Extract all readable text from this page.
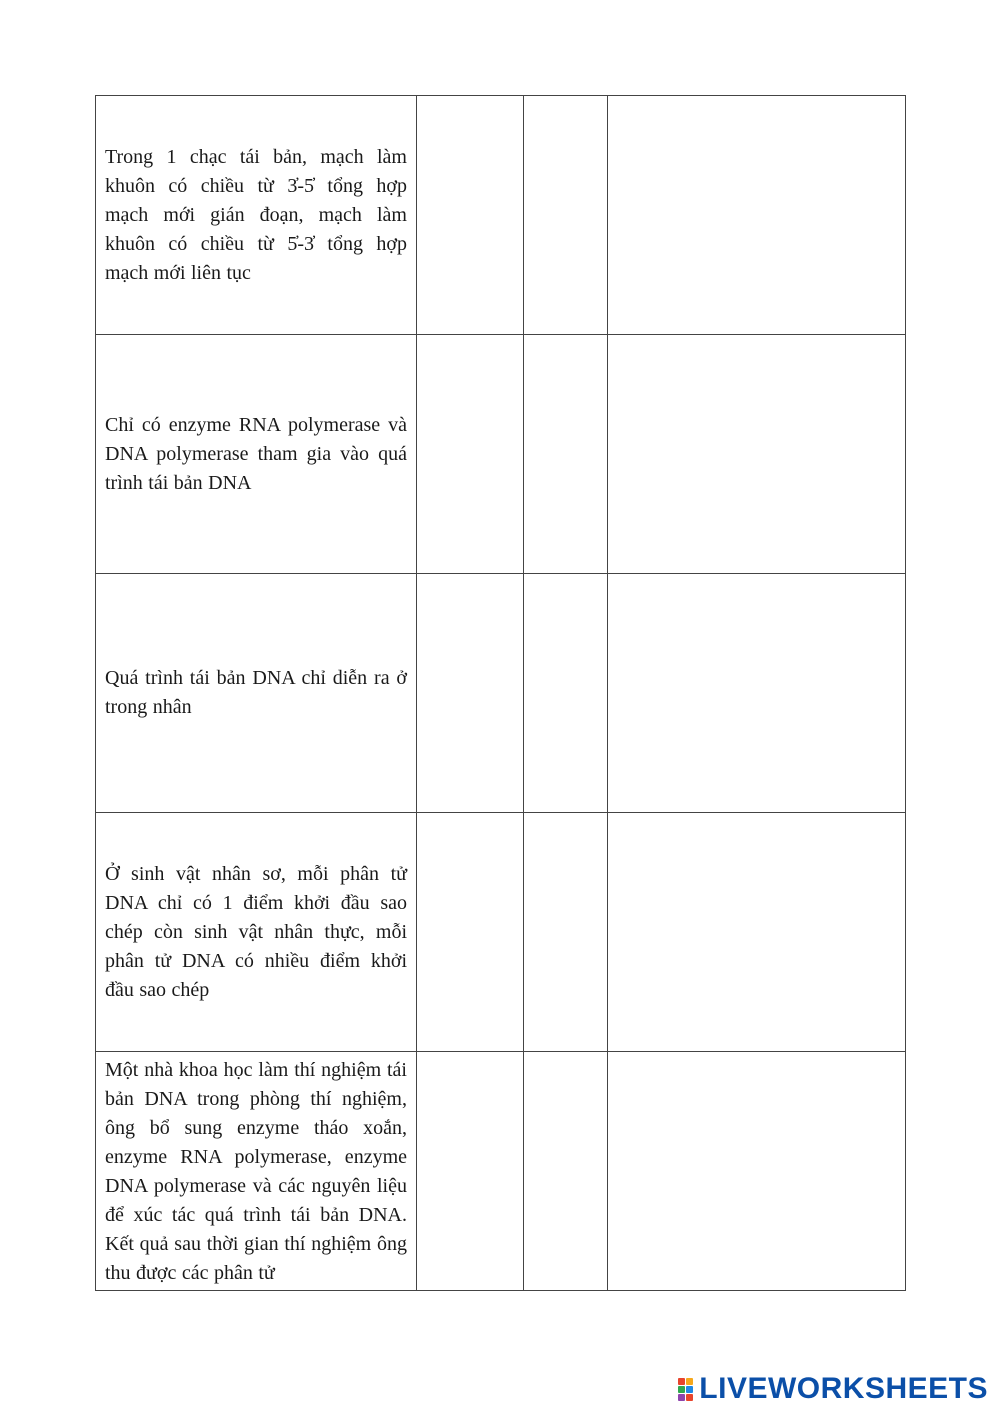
Trong 1 chạc tái bản, mạch làm khuôn có chiều từ 3̓-5̓ tổng hợp mạch mới gián đoạn, mạch làm khuôn có chiều từ 5̓-3̓ tổng hợp mạch mới liên tục			

Chỉ có enzyme RNA polymerase và DNA polymerase tham gia vào quá trình tái bản DNA			

Quá trình tái bản DNA chỉ diễn ra ở trong nhân			

Ở sinh vật nhân sơ, mỗi phân tử DNA chỉ có 1 điểm khởi đầu sao chép còn sinh vật nhân thực, mỗi phân tử DNA có nhiều điểm khởi đầu sao chép			

Một nhà khoa học làm thí nghiệm tái bản DNA trong phòng thí nghiệm, ông bổ sung enzyme tháo xoắn, enzyme RNA polymerase, enzyme DNA polymerase và các nguyên liệu để xúc tác quá trình tái bản DNA. Kết quả sau thời gian thí nghiệm ông thu được các phân tử			

LIVEWORKSHEETS
